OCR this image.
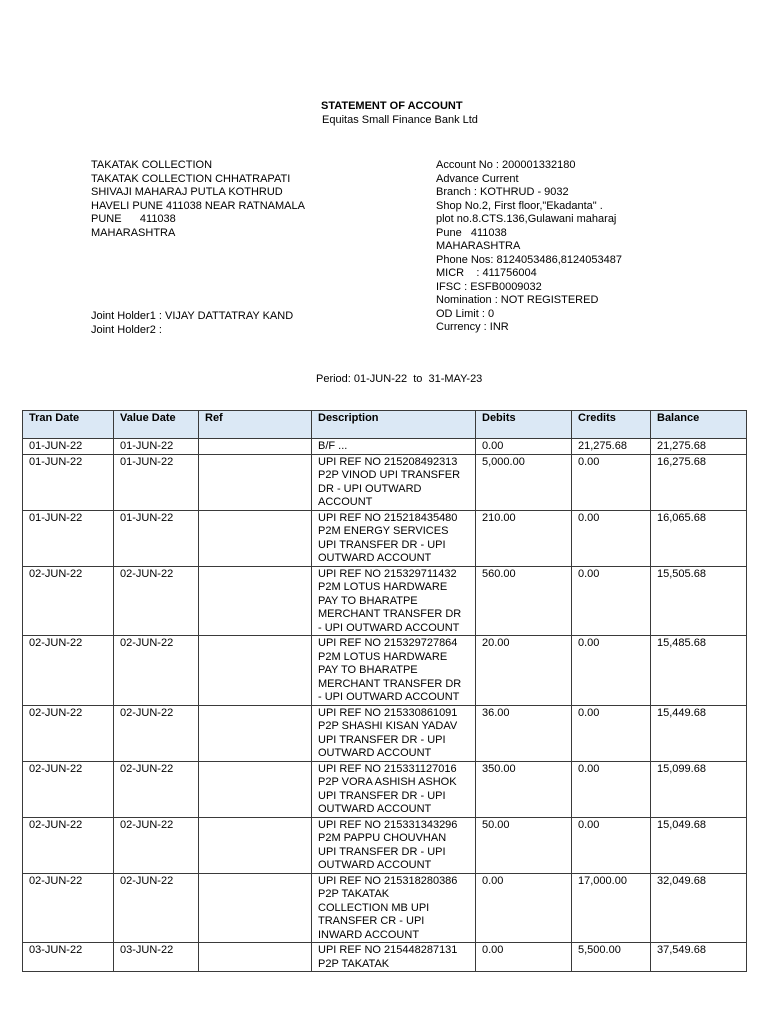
STATEMENT OF ACCOUNT
Equitas Small Finance Bank Ltd
TAKATAK COLLECTION
TAKATAK COLLECTION CHHATRAPATI
SHIVAJI MAHARAJ PUTLA KOTHRUD
HAVELI PUNE 411038 NEAR RATNAMALA
PUNE      411038
MAHARASHTRA
Joint Holder1 : VIJAY DATTATRAY KAND
Joint Holder2 :
Account No : 200001332180
Advance Current
Branch : KOTHRUD - 9032
Shop No.2, First floor,"Ekadanta" .
plot no.8.CTS.136,Gulawani maharaj
Pune   411038
MAHARASHTRA
Phone Nos: 8124053486,8124053487
MICR    : 411756004
IFSC : ESFB0009032
Nomination : NOT REGISTERED
OD Limit : 0
Currency : INR
Period: 01-JUN-22  to  31-MAY-23
Tran Date	Value Date	Ref	Description	Debits	Credits	Balance
01-JUN-22	01-JUN-22		B/F ...	0.00	21,275.68	21,275.68
01-JUN-22	01-JUN-22		UPI REF NO 215208492313
P2P VINOD UPI TRANSFER
DR - UPI OUTWARD
ACCOUNT	5,000.00	0.00	16,275.68
01-JUN-22	01-JUN-22		UPI REF NO 215218435480
P2M ENERGY SERVICES
UPI TRANSFER DR - UPI
OUTWARD ACCOUNT	210.00	0.00	16,065.68
02-JUN-22	02-JUN-22		UPI REF NO 215329711432
P2M LOTUS HARDWARE
PAY TO BHARATPE
MERCHANT TRANSFER DR
- UPI OUTWARD ACCOUNT	560.00	0.00	15,505.68
02-JUN-22	02-JUN-22		UPI REF NO 215329727864
P2M LOTUS HARDWARE
PAY TO BHARATPE
MERCHANT TRANSFER DR
- UPI OUTWARD ACCOUNT	20.00	0.00	15,485.68
02-JUN-22	02-JUN-22		UPI REF NO 215330861091
P2P SHASHI KISAN YADAV
UPI TRANSFER DR - UPI
OUTWARD ACCOUNT	36.00	0.00	15,449.68
02-JUN-22	02-JUN-22		UPI REF NO 215331127016
P2P VORA ASHISH ASHOK
UPI TRANSFER DR - UPI
OUTWARD ACCOUNT	350.00	0.00	15,099.68
02-JUN-22	02-JUN-22		UPI REF NO 215331343296
P2M PAPPU CHOUVHAN
UPI TRANSFER DR - UPI
OUTWARD ACCOUNT	50.00	0.00	15,049.68
02-JUN-22	02-JUN-22		UPI REF NO 215318280386
P2P TAKATAK
COLLECTION MB UPI
TRANSFER CR - UPI
INWARD ACCOUNT	0.00	17,000.00	32,049.68
03-JUN-22	03-JUN-22		UPI REF NO 215448287131
P2P TAKATAK	0.00	5,500.00	37,549.68
